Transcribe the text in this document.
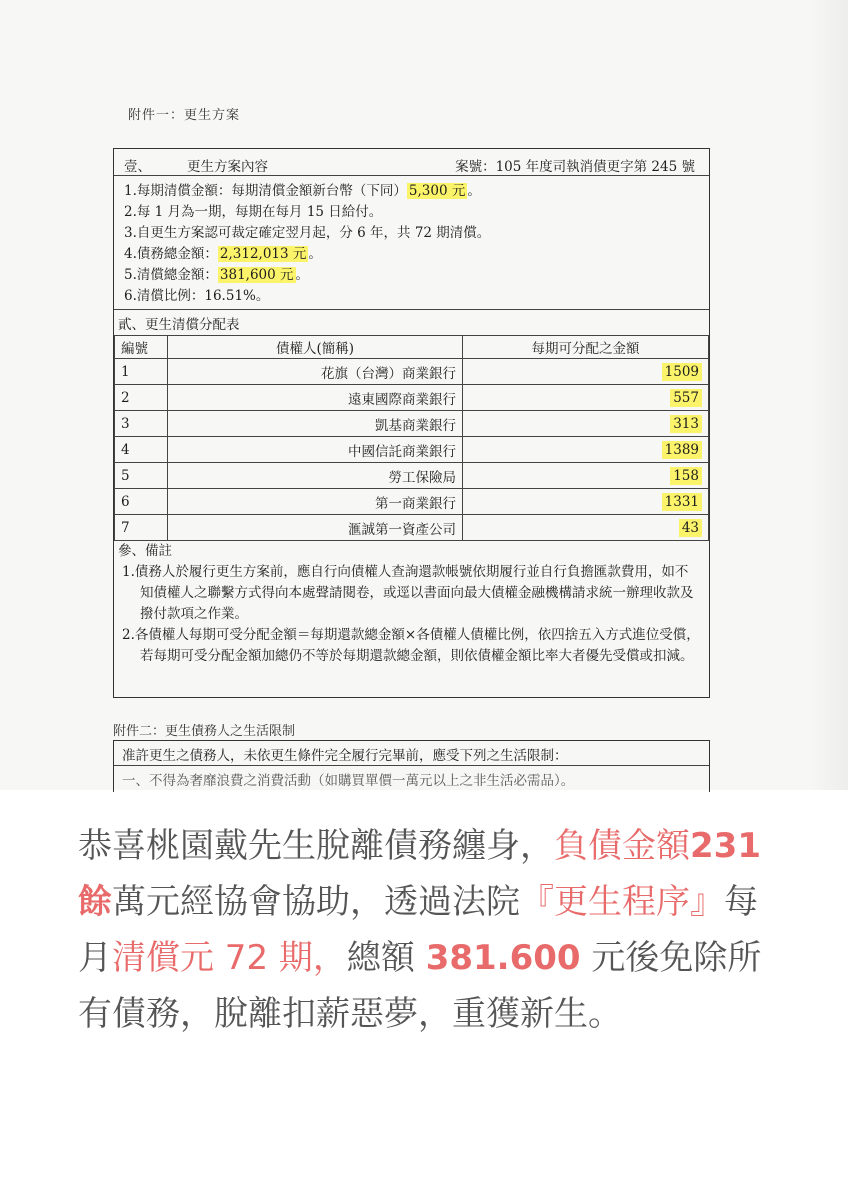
附件一：更生方案
壹、	更生方案內容	案號：105 年度司執消債更字第 245 號
1.每期清償金額：每期清償金額新台幣（下同） 5,300 元 。
2.每 1 月為一期，每期在每月 15 日給付。
3.自更生方案認可裁定確定翌月起，分 6 年，共 72 期清償。
4.債務總金額： 2,312,013 元 。
5.清償總金額： 381,600 元 。
6.清償比例：16.51%。
貳、更生清償分配表
編號	債權人(簡稱)	每期可分配之金額
1	花旗（台灣）商業銀行	1509
2	遠東國際商業銀行	557
3	凱基商業銀行	313
4	中國信託商業銀行	1389
5	勞工保險局	158
6	第一商業銀行	1331
7	滙誠第一資產公司	43
參、備註
1.債務人於履行更生方案前，應自行向債權人查詢還款帳號依期履行並自行負擔匯款費用，如不知債權人之聯繫方式得向本處聲請閱卷，或逕以書面向最大債權金融機構請求統一辦理收款及撥付款項之作業。
2.各債權人每期可受分配金額＝每期還款總金額×各債權人債權比例，依四捨五入方式進位受償，若每期可受分配金額加總仍不等於每期還款總金額，則依債權金額比率大者優先受償或扣減。
附件二：更生債務人之生活限制
准許更生之債務人，未依更生條件完全履行完畢前，應受下列之生活限制：
一、不得為奢靡浪費之消費活動（如購買單價一萬元以上之非生活必需品）。
恭喜桃園戴先生脫離債務纏身，負債金額231 餘萬元經協會協助，透過法院『更生程序』每月清償元 72 期，總額 381.600 元後免除所有債務，脫離扣薪惡夢，重獲新生。
